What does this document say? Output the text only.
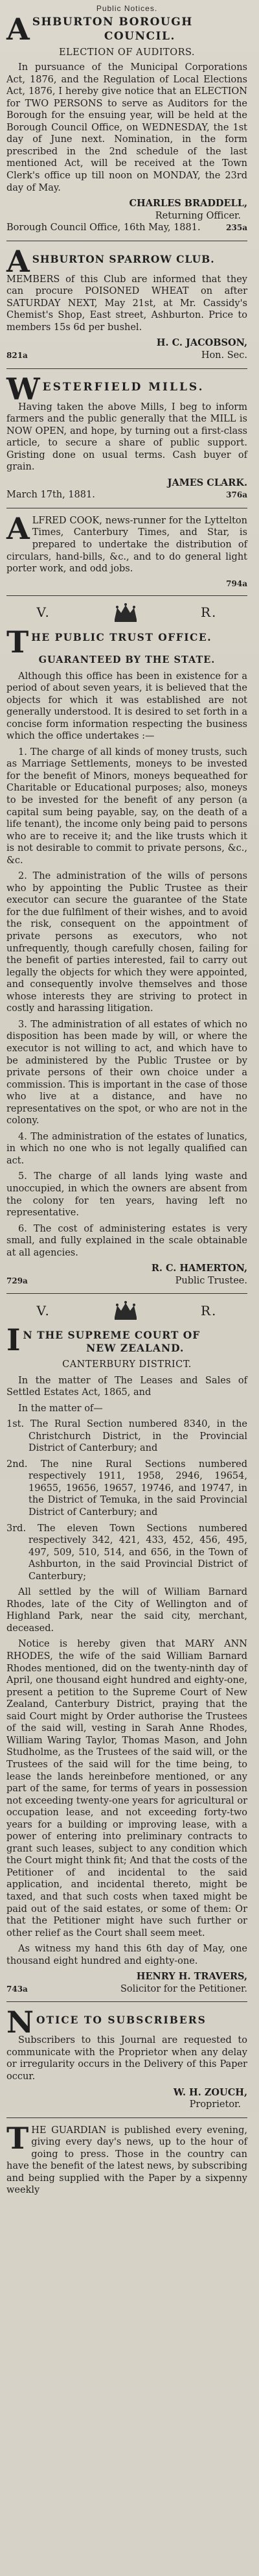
Public Notices.
A SHBURTON BOROUGH
COUNCIL.
ELECTION OF AUDITORS.

In pursuance of the Municipal Corporations Act, 1876, and the Regulation of Local Elections Act, 1876, I hereby give notice that an ELECTION for TWO PERSONS to serve as Auditors for the Borough for the ensuing year, will be held at the Borough Council Office, on WEDNESDAY, the 1st day of June next. Nomination, in the form prescribed in the 2nd schedule of the last mentioned Act, will be received at the Town Clerk's office up till noon on MONDAY, the 23rd day of May.

CHARLES BRADDELL,
Returning Officer.
Borough Council Office, 16th May, 1881.	235a
A SHBURTON SPARROW CLUB.

MEMBERS of this Club are informed that they can procure POISONED WHEAT on after SATURDAY NEXT, May 21st, at Mr. Cassidy's Chemist's Shop, East street, Ashburton. Price to members 15s 6d per bushel.

H. C. JACOBSON,
821a	Hon. Sec.
W ESTERFIELD MILLS.

Having taken the above Mills, I beg to inform farmers and the public generally that the MILL is NOW OPEN, and hope, by turning out a first-class article, to secure a share of public support. Gristing done on usual terms. Cash buyer of grain.

JAMES CLARK.
March 17th, 1881.	376a
A LFRED COOK, news-runner for the Lyttelton Times, Canterbury Times, and Star, is prepared to undertake the distribution of circulars, hand-bills, &c., and to do general light porter work, and odd jobs.

794a
V.	R.
T HE PUBLIC TRUST OFFICE.
GUARANTEED BY THE STATE.

Although this office has been in existence for a period of about seven years, it is believed that the objects for which it was established are not generally understood. It is desired to set forth in a concise form information respecting the business which the office undertakes :—

1. The charge of all kinds of money trusts, such as Marriage Settlements, moneys to be invested for the benefit of Minors, moneys bequeathed for Charitable or Educational purposes; also, moneys to be invested for the benefit of any person (a capital sum being payable, say, on the death of a life tenant), the income only being paid to persons who are to receive it; and the like trusts which it is not desirable to commit to private persons, &c., &c.

2. The administration of the wills of persons who by appointing the Public Trustee as their executor can secure the guarantee of the State for the due fulfilment of their wishes, and to avoid the risk, consequent on the appointment of private persons as executors, who not unfrequently, though carefully chosen, failing for the benefit of parties interested, fail to carry out legally the objects for which they were appointed, and consequently involve themselves and those whose interests they are striving to protect in costly and harassing litigation.

3. The administration of all estates of which no disposition has been made by will, or where the executor is not willing to act, and which have to be administered by the Public Trustee or by private persons of their own choice under a commission. This is important in the case of those who live at a distance, and have no representatives on the spot, or who are not in the colony.

4. The administration of the estates of lunatics, in which no one who is not legally qualified can act.

5. The charge of all lands lying waste and unoccupied, in which the owners are absent from the colony for ten years, having left no representative.

6. The cost of administering estates is very small, and fully explained in the scale obtainable at all agencies.

R. C. HAMERTON,
729a	Public Trustee.
V.	R.
I N THE SUPREME COURT OF
NEW ZEALAND.
CANTERBURY DISTRICT.

In the matter of The Leases and Sales of Settled Estates Act, 1865, and

In the matter of—

1st. The Rural Section numbered 8340, in the Christchurch District, in the Provincial District of Canterbury; and

2nd. The nine Rural Sections numbered respectively 1911, 1958, 2946, 19654, 19655, 19656, 19657, 19746, and 19747, in the District of Temuka, in the said Provincial District of Canterbury; and

3rd. The eleven Town Sections numbered respectively 342, 421, 433, 452, 456, 495, 497, 509, 510, 514, and 656, in the Town of Ashburton, in the said Provincial District of Canterbury;

All settled by the will of William Barnard Rhodes, late of the City of Wellington and of Highland Park, near the said city, merchant, deceased.

Notice is hereby given that MARY ANN RHODES, the wife of the said William Barnard Rhodes mentioned, did on the twenty-ninth day of April, one thousand eight hundred and eighty-one, present a petition to the Supreme Court of New Zealand, Canterbury District, praying that the said Court might by Order authorise the Trustees of the said will, vesting in Sarah Anne Rhodes, William Waring Taylor, Thomas Mason, and John Studholme, as the Trustees of the said will, or the Trustees of the said will for the time being, to lease the lands hereinbefore mentioned, or any part of the same, for terms of years in possession not exceeding twenty-one years for agricultural or occupation lease, and not exceeding forty-two years for a building or improving lease, with a power of entering into preliminary contracts to grant such leases, subject to any condition which the Court might think fit; And that the costs of the Petitioner of and incidental to the said application, and incidental thereto, might be taxed, and that such costs when taxed might be paid out of the said estates, or some of them: Or that the Petitioner might have such further or other relief as the Court shall seem meet.

As witness my hand this 6th day of May, one thousand eight hundred and eighty-one.

HENRY H. TRAVERS,
743a	Solicitor for the Petitioner.
N OTICE TO SUBSCRIBERS

Subscribers to this Journal are requested to communicate with the Proprietor when any delay or irregularity occurs in the Delivery of this Paper occur.

W. H. ZOUCH,
Proprietor.
T HE GUARDIAN is published every evening, giving every day's news, up to the hour of going to press. Those in the country can have the benefit of the latest news, by subscribing and being supplied with the Paper by a sixpenny weekly
